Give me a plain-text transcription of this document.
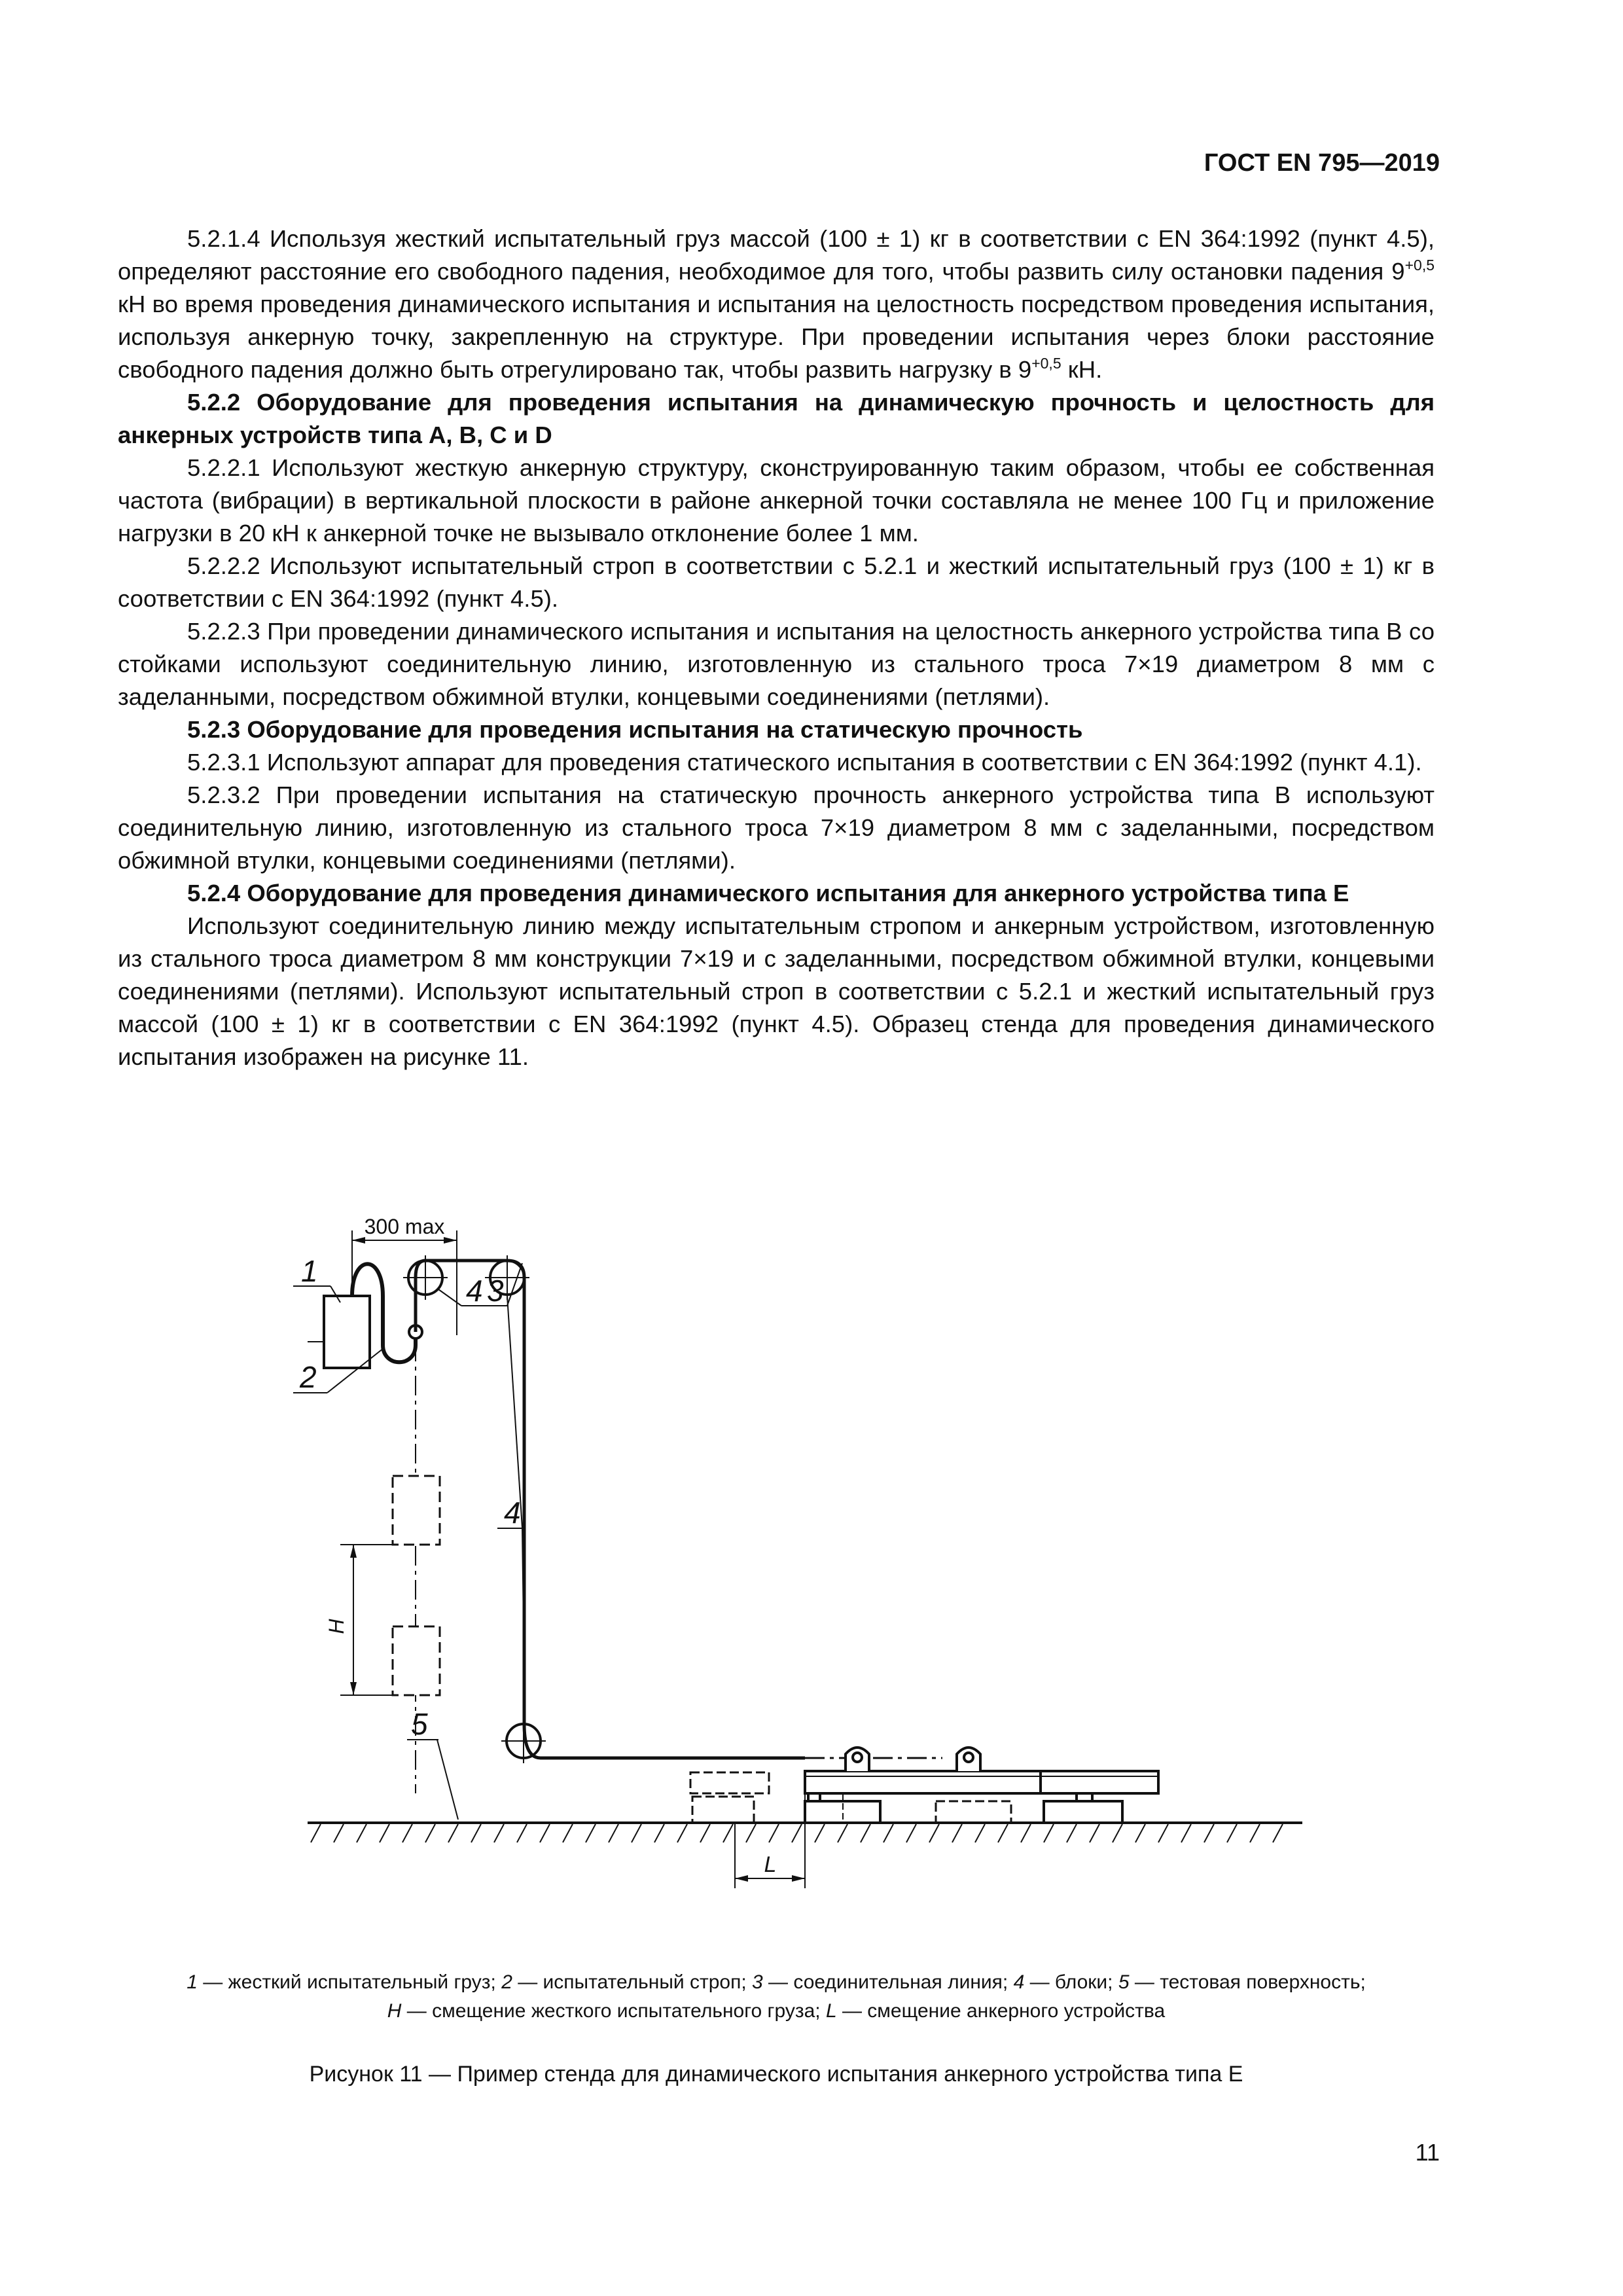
ГОСТ EN 795—2019

5.2.1.4 Используя жесткий испытательный груз массой (100 ± 1) кг в соответствии с EN 364:1992 (пункт 4.5), определяют расстояние его свободного падения, необходимое для того, чтобы развить силу остановки падения $9^{+0,5}$ кН во время проведения динамического испытания и испытания на целостность посредством проведения испытания, используя анкерную точку, закрепленную на структуре. При проведении испытания через блоки расстояние свободного падения должно быть отрегулировано так, чтобы развить нагрузку в $9^{+0,5}$ кН.

5.2.2 Оборудование для проведения испытания на динамическую прочность и целостность для анкерных устройств типа A, B, C и D

5.2.2.1 Используют жесткую анкерную структуру, сконструированную таким образом, чтобы ее собственная частота (вибрации) в вертикальной плоскости в районе анкерной точки составляла не менее 100 Гц и приложение нагрузки в 20 кН к анкерной точке не вызывало отклонение более 1 мм.

5.2.2.2 Используют испытательный строп в соответствии с 5.2.1 и жесткий испытательный груз (100 ± 1) кг в соответствии с EN 364:1992 (пункт 4.5).

5.2.2.3 При проведении динамического испытания и испытания на целостность анкерного устройства типа B со стойками используют соединительную линию, изготовленную из стального троса 7×19 диаметром 8 мм с заделанными, посредством обжимной втулки, концевыми соединениями (петлями).

5.2.3 Оборудование для проведения испытания на статическую прочность

5.2.3.1 Используют аппарат для проведения статического испытания в соответствии с EN 364:1992 (пункт 4.1).

5.2.3.2 При проведении испытания на статическую прочность анкерного устройства типа B используют соединительную линию, изготовленную из стального троса 7×19 диаметром 8 мм с заделанными, посредством обжимной втулки, концевыми соединениями (петлями).

5.2.4 Оборудование для проведения динамического испытания для анкерного устройства типа E

Используют соединительную линию между испытательным стропом и анкерным устройством, изготовленную из стального троса диаметром 8 мм конструкции 7×19 и с заделанными, посредством обжимной втулки, концевыми соединениями (петлями). Используют испытательный строп в соответствии с 5.2.1 и жесткий испытательный груз массой (100 ± 1) кг в соответствии с EN 364:1992 (пункт 4.5). Образец стенда для проведения динамического испытания изображен на рисунке 11.

300 max
H
1
2
4 3
4
5
L
1 — жесткий испытательный груз; 2 — испытательный строп; 3 — соединительная линия; 4 — блоки; 5 — тестовая поверхность;
H — смещение жесткого испытательного груза; L — смещение анкерного устройства
Рисунок 11 — Пример стенда для динамического испытания анкерного устройства типа E
11
